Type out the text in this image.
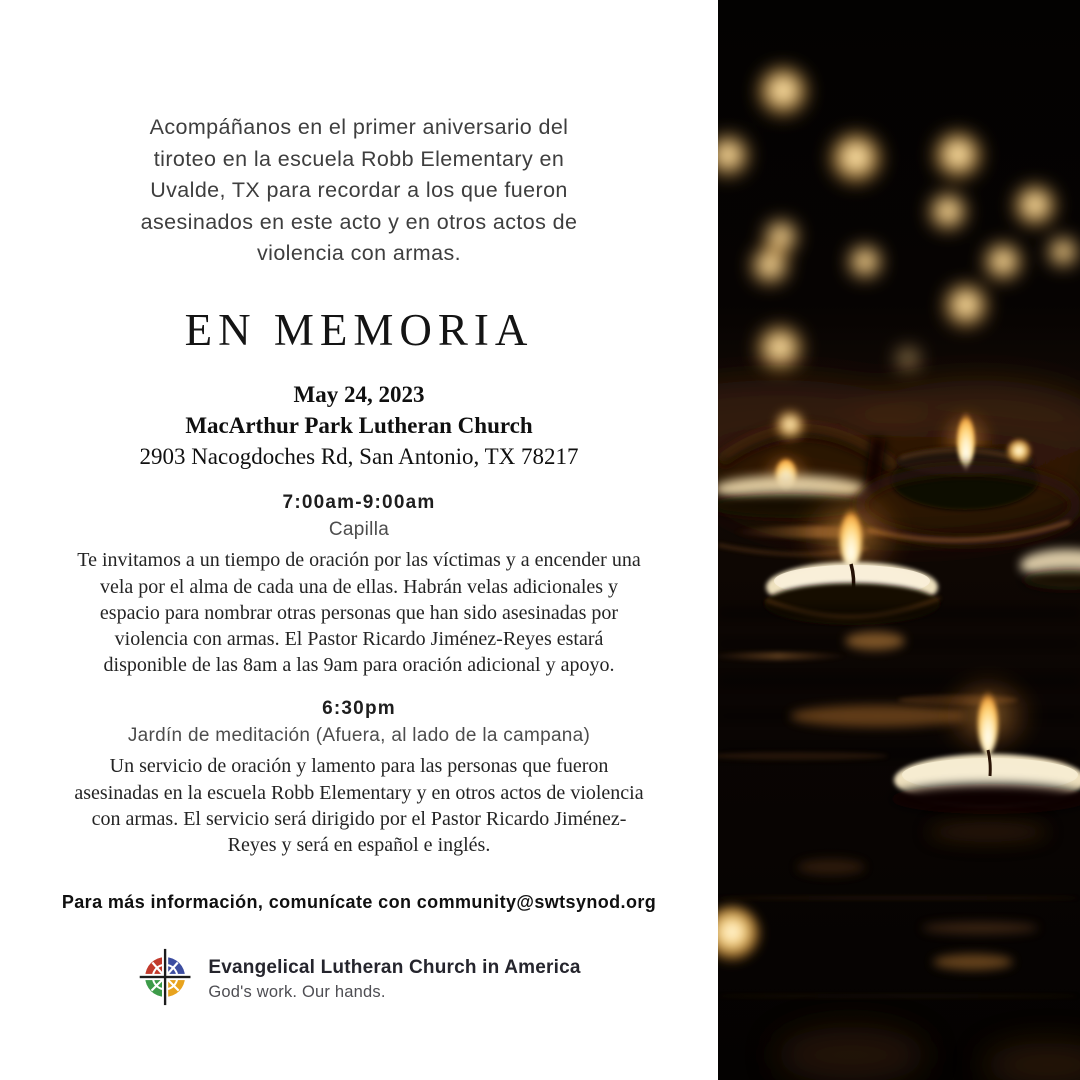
Acompáñanos en el primer aniversario del tiroteo en la escuela Robb Elementary en Uvalde, TX para recordar a los que fueron asesinados en este acto y en otros actos de violencia con armas.
EN MEMORIA
May 24, 2023
MacArthur Park Lutheran Church
2903 Nacogdoches Rd, San Antonio, TX 78217
7:00am-9:00am
Capilla
Te invitamos a un tiempo de oración por las víctimas y a encender una vela por el alma de cada una de ellas. Habrán velas adicionales y espacio para nombrar otras personas que han sido asesinadas por violencia con armas. El Pastor Ricardo Jiménez-Reyes estará disponible de las 8am a las 9am para oración adicional y apoyo.
6:30pm
Jardín de meditación (Afuera, al lado de la campana)
Un servicio de oración y lamento para las personas que fueron asesinadas en la escuela Robb Elementary y en otros actos de violencia con armas. El servicio será dirigido por el Pastor Ricardo Jiménez-Reyes y será en español e inglés.
Para más información, comunícate con community@swtsynod.org
Evangelical Lutheran Church in America
God's work. Our hands.
